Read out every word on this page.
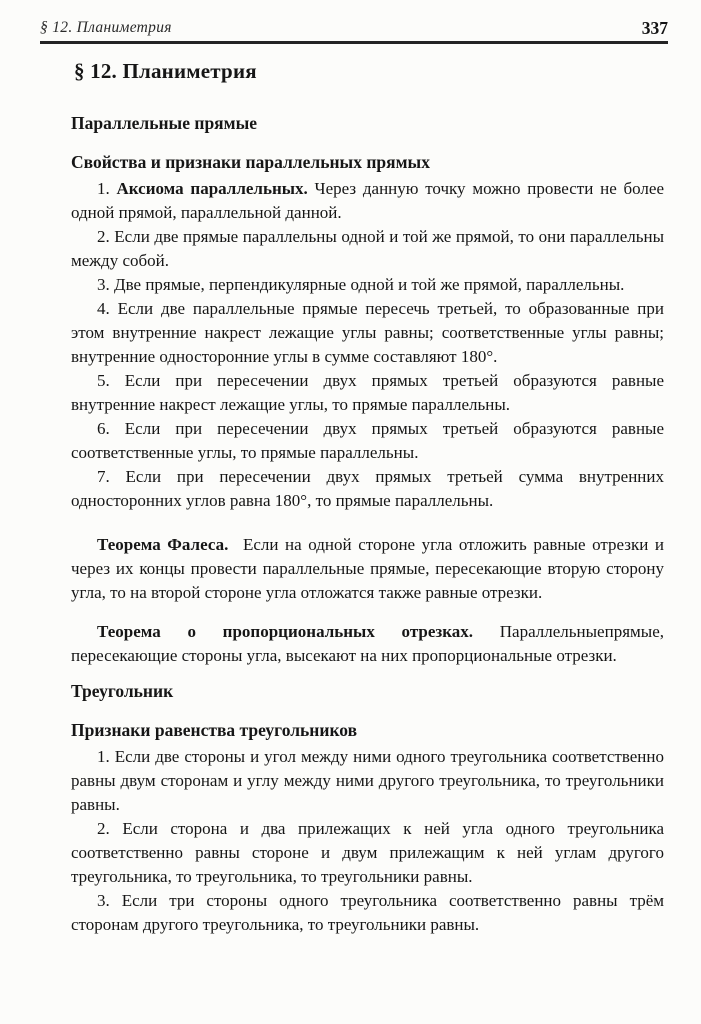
§ 12. Планиметрия	337
§ 12. Планиметрия
Параллельные прямые
Свойства и признаки параллельных прямых

1. Аксиома параллельных. Через данную точку можно провести не более одной прямой, параллельной данной.

2. Если две прямые параллельны одной и той же прямой, то они параллельны между собой.

3. Две прямые, перпендикулярные одной и той же прямой, параллельны.

4. Если две параллельные прямые пересечь третьей, то образованные при этом внутренние накрест лежащие углы равны; соответственные углы равны; внутренние односторонние углы в сумме составляют 180°.

5. Если при пересечении двух прямых третьей образуются равные внутренние накрест лежащие углы, то прямые параллельны.

6. Если при пересечении двух прямых третьей образуются равные соответственные углы, то прямые параллельны.

7. Если при пересечении двух прямых третьей сумма внутренних односторонних углов равна 180°, то прямые параллельны.

Теорема Фалеса. Если на одной стороне угла отложить равные отрезки и через их концы провести параллельные прямые, пересекающие вторую сторону угла, то на второй стороне угла отложатся также равные отрезки.

Теорема о пропорциональных отрезках. Параллельныепрямые, пересекающие стороны угла, высекают на них пропорциональные отрезки.

Треугольник
Признаки равенства треугольников

1. Если две стороны и угол между ними одного треугольника соответственно равны двум сторонам и углу между ними другого треугольника, то треугольники равны.

2. Если сторона и два прилежащих к ней угла одного треугольника соответственно равны стороне и двум прилежащим к ней углам другого треугольника, то треугольника, то треугольники равны.

3. Если три стороны одного треугольника соответственно равны трём сторонам другого треугольника, то треугольники равны.
